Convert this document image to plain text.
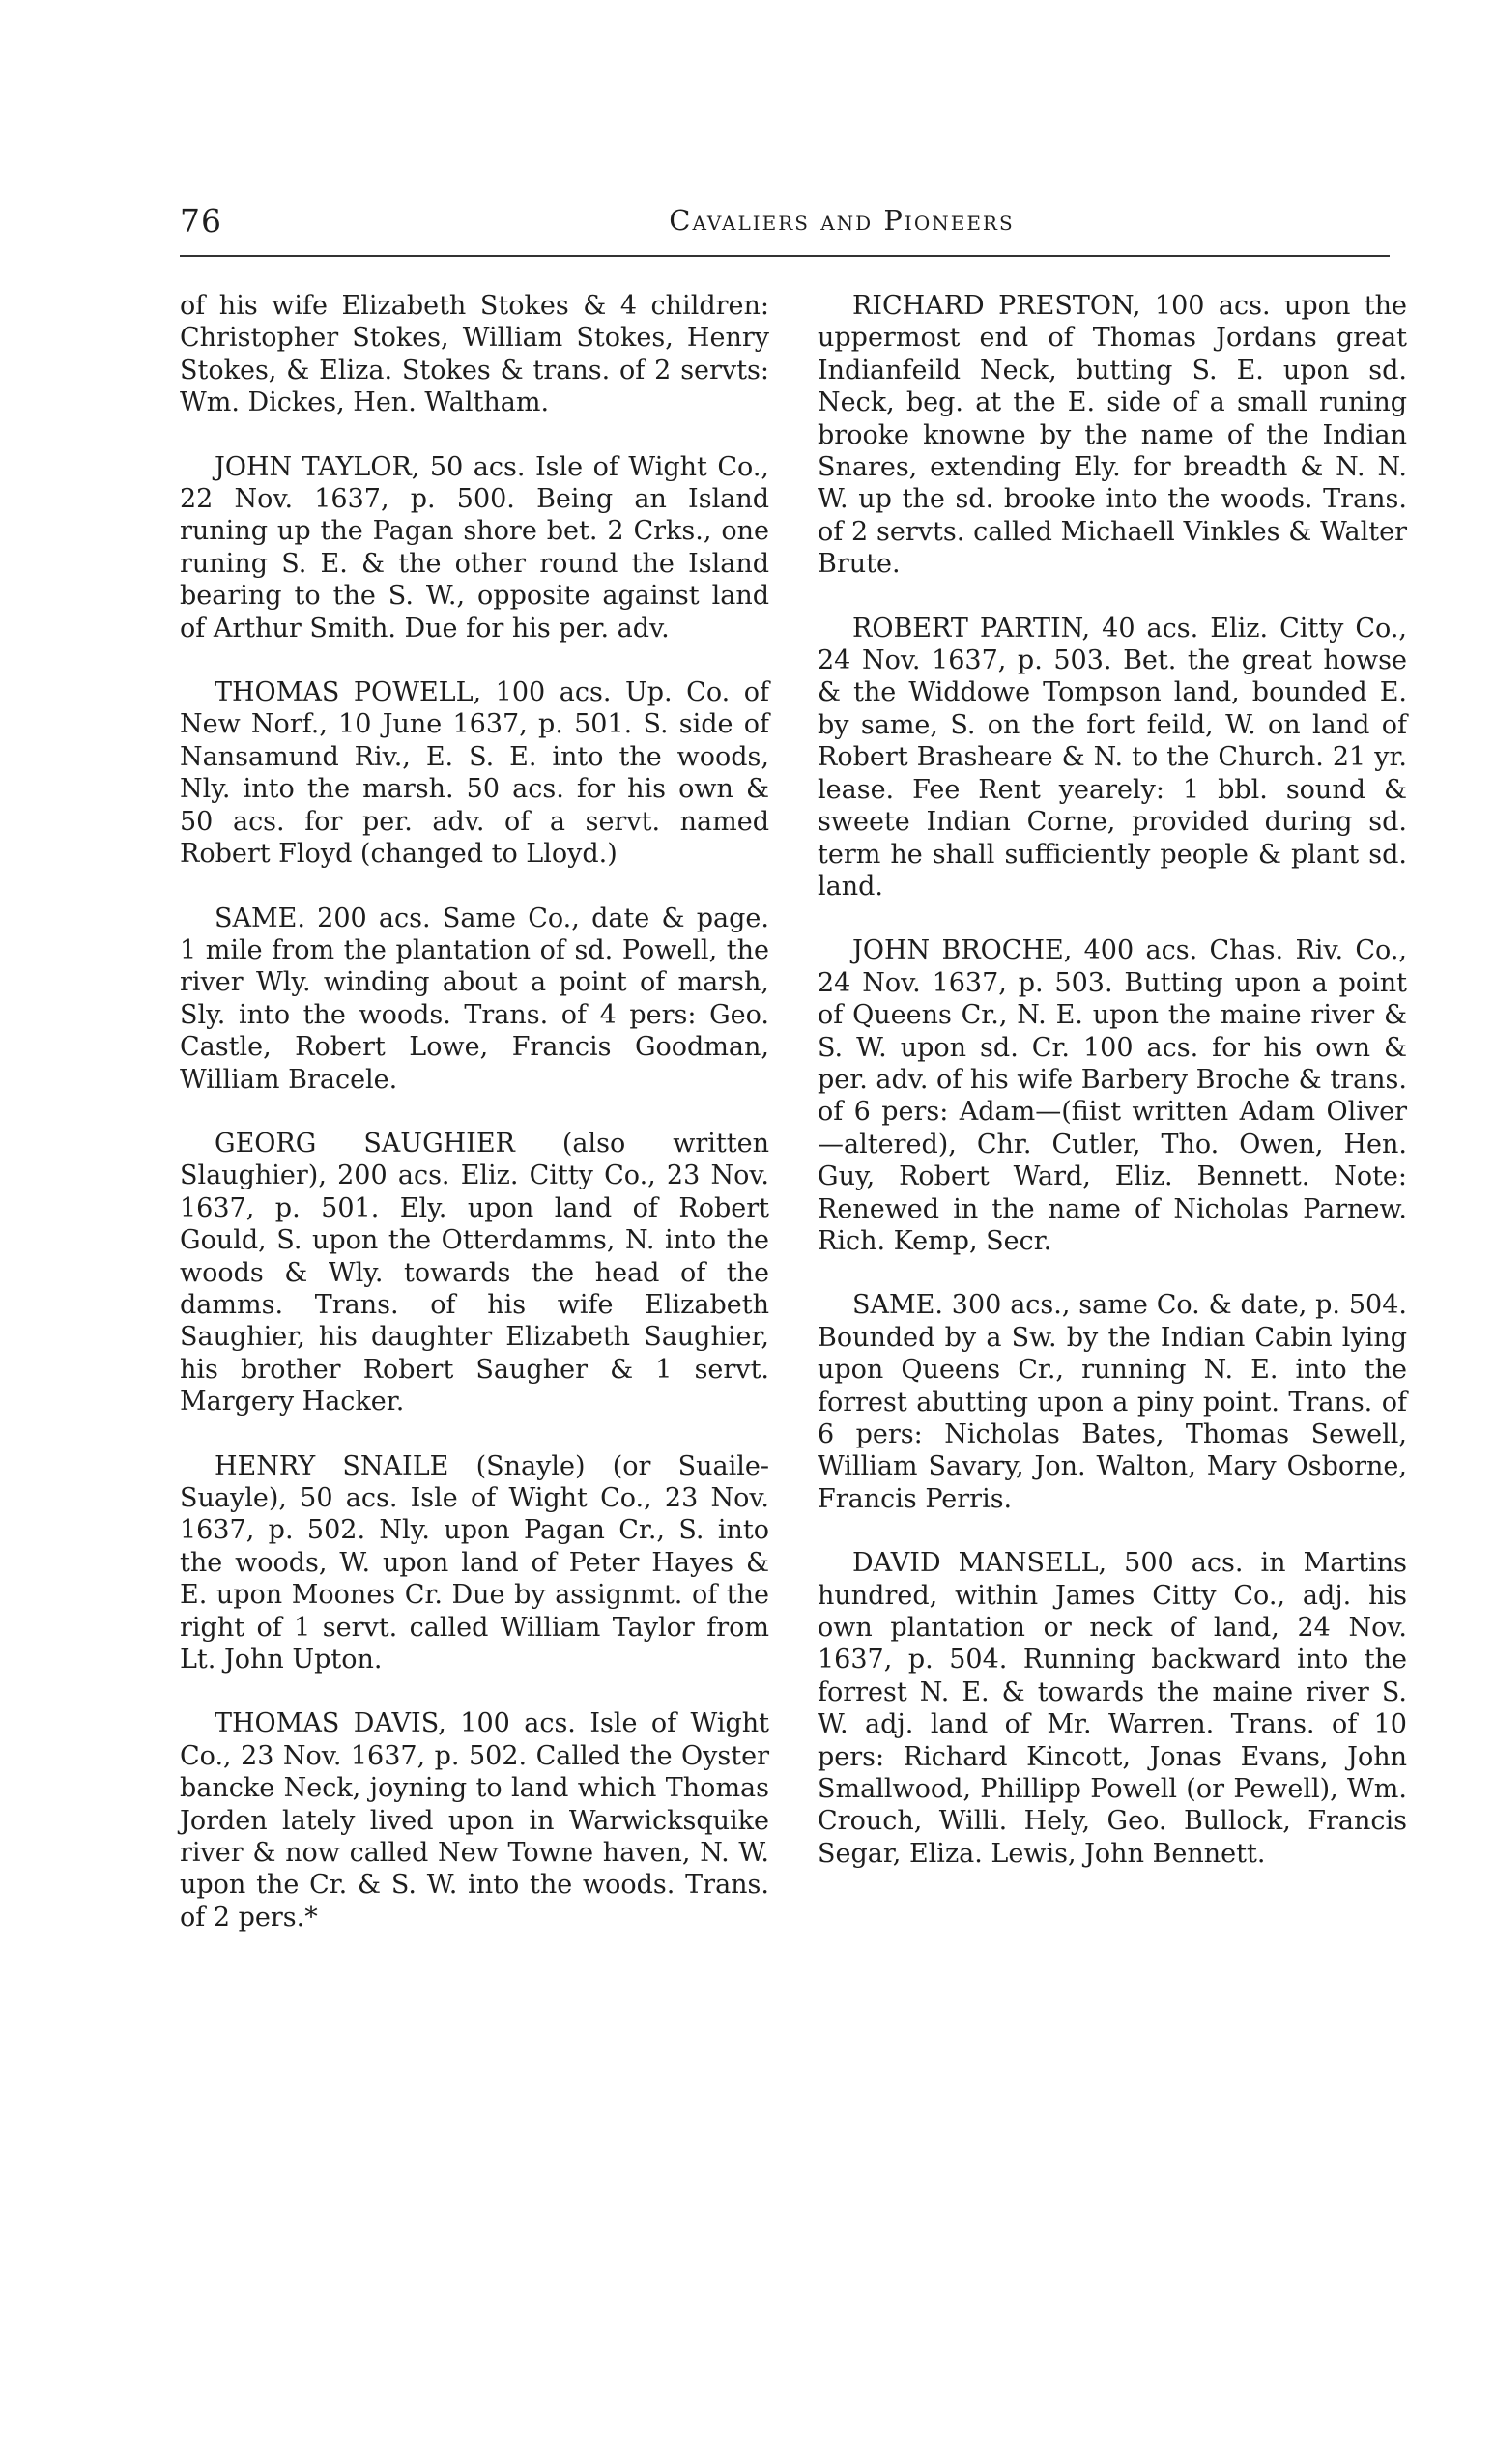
76	Cavaliers and Pioneers

of his wife Elizabeth Stokes & 4 children: Christopher Stokes, William Stokes, Henry Stokes, & Eliza. Stokes & trans. of 2 servts: Wm. Dickes, Hen. Waltham.

JOHN TAYLOR, 50 acs. Isle of Wight Co., 22 Nov. 1637, p. 500. Being an Island runing up the Pagan shore bet. 2 Crks., one runing S. E. & the other round the Island bearing to the S. W., opposite against land of Arthur Smith. Due for his per. adv.

THOMAS POWELL, 100 acs. Up. Co. of New Norf., 10 June 1637, p. 501. S. side of Nansamund Riv., E. S. E. into the woods, Nly. into the marsh. 50 acs. for his own & 50 acs. for per. adv. of a servt. named Robert Floyd (changed to Lloyd.)

SAME. 200 acs. Same Co., date & page. 1 mile from the plantation of sd. Powell, the river Wly. winding about a point of marsh, Sly. into the woods. Trans. of 4 pers: Geo. Castle, Robert Lowe, Francis Goodman, William Bracele.

GEORG SAUGHIER (also written Slaughier), 200 acs. Eliz. Citty Co., 23 Nov. 1637, p. 501. Ely. upon land of Robert Gould, S. upon the Otterdamms, N. into the woods & Wly. towards the head of the damms. Trans. of his wife Elizabeth Saughier, his daughter Elizabeth Saughier, his brother Robert Saugher & 1 servt. Margery Hacker.

HENRY SNAILE (Snayle) (or Suaile-Suayle), 50 acs. Isle of Wight Co., 23 Nov. 1637, p. 502. Nly. upon Pagan Cr., S. into the woods, W. upon land of Peter Hayes & E. upon Moones Cr. Due by assignmt. of the right of 1 servt. called William Taylor from Lt. John Upton.

THOMAS DAVIS, 100 acs. Isle of Wight Co., 23 Nov. 1637, p. 502. Called the Oyster bancke Neck, joyning to land which Thomas Jorden lately lived upon in Warwicksquike river & now called New Towne haven, N. W. upon the Cr. & S. W. into the woods. Trans. of 2 pers.*

RICHARD PRESTON, 100 acs. upon the uppermost end of Thomas Jordans great Indianfeild Neck, butting S. E. upon sd. Neck, beg. at the E. side of a small runing brooke knowne by the name of the Indian Snares, extending Ely. for breadth & N. N. W. up the sd. brooke into the woods. Trans. of 2 servts. called Michaell Vinkles & Walter Brute.

ROBERT PARTIN, 40 acs. Eliz. Citty Co., 24 Nov. 1637, p. 503. Bet. the great howse & the Widdowe Tompson land, bounded E. by same, S. on the fort feild, W. on land of Robert Brasheare & N. to the Church. 21 yr. lease. Fee Rent yearely: 1 bbl. sound & sweete Indian Corne, provided during sd. term he shall sufficiently people & plant sd. land.

JOHN BROCHE, 400 acs. Chas. Riv. Co., 24 Nov. 1637, p. 503. Butting upon a point of Queens Cr., N. E. upon the maine river & S. W. upon sd. Cr. 100 acs. for his own & per. adv. of his wife Barbery Broche & trans. of 6 pers: Adam—(fiist written Adam Oliver—altered), Chr. Cutler, Tho. Owen, Hen. Guy, Robert Ward, Eliz. Bennett. Note: Renewed in the name of Nicholas Parnew. Rich. Kemp, Secr.

SAME. 300 acs., same Co. & date, p. 504. Bounded by a Sw. by the Indian Cabin lying upon Queens Cr., running N. E. into the forrest abutting upon a piny point. Trans. of 6 pers: Nicholas Bates, Thomas Sewell, William Savary, Jon. Walton, Mary Osborne, Francis Perris.

DAVID MANSELL, 500 acs. in Martins hundred, within James Citty Co., adj. his own plantation or neck of land, 24 Nov. 1637, p. 504. Running backward into the forrest N. E. & towards the maine river S. W. adj. land of Mr. Warren. Trans. of 10 pers: Richard Kincott, Jonas Evans, John Smallwood, Phillipp Powell (or Pewell), Wm. Crouch, Willi. Hely, Geo. Bullock, Francis Segar, Eliza. Lewis, John Bennett.
